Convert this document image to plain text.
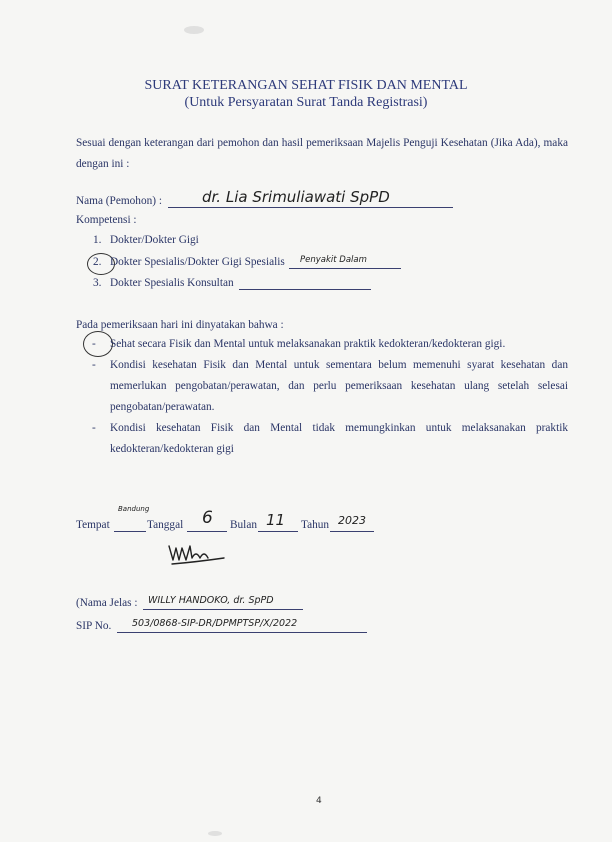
SURAT KETERANGAN SEHAT FISIK DAN MENTAL
(Untuk Persyaratan Surat Tanda Registrasi)
Sesuai dengan keterangan dari pemohon dan hasil pemeriksaan Majelis Penguji Kesehatan (Jika Ada), maka dengan ini :
Nama (Pemohon) :	dr. Lia Srimuliawati SpPD
Kompetensi :
1. Dokter/Dokter Gigi
2. Dokter Spesialis/Dokter Gigi Spesialis Penyakit Dalam
3. Dokter Spesialis Konsultan
Pada pemeriksaan hari ini dinyatakan bahwa :
- Sehat secara Fisik dan Mental untuk melaksanakan praktik kedokteran/kedokteran gigi.
- Kondisi kesehatan Fisik dan Mental untuk sementara belum memenuhi syarat kesehatan dan memerlukan pengobatan/perawatan, dan perlu pemeriksaan kesehatan ulang setelah selesai pengobatan/perawatan.
- Kondisi kesehatan Fisik dan Mental tidak memungkinkan untuk melaksanakan praktik kedokteran/kedokteran gigi
Tempat
Bandung
Tanggal 6 Bulan 11 Tahun 2023
(Nama Jelas : WILLY HANDOKO, dr. SpPD
SIP No. 503/0868-SIP-DR/DPMPTSP/X/2022
4
